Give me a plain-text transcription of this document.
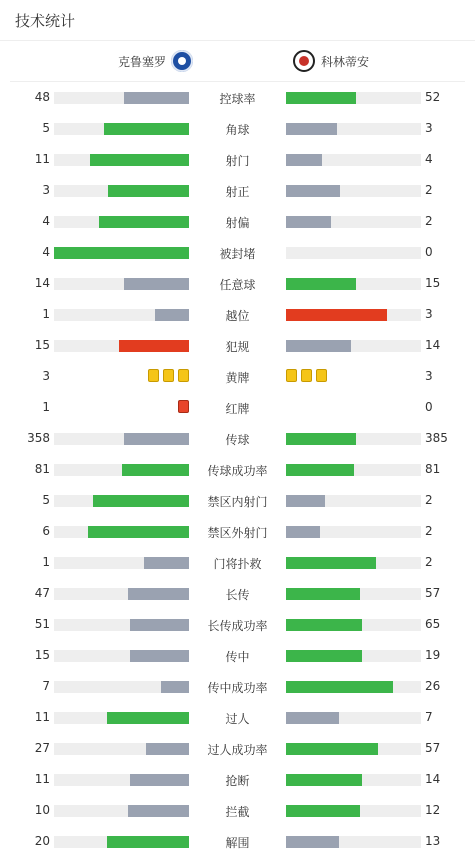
技术统计
克鲁塞罗	科林蒂安
48	控球率	52
5	角球	3
11	射门	4
3	射正	2
4	射偏	2
4	被封堵	0
14	任意球	15
1	越位	3
15	犯规	14
3	黄牌	3
1	红牌	0
358	传球	385
81	传球成功率	81
5	禁区内射门	2
6	禁区外射门	2
1	门将扑救	2
47	长传	57
51	长传成功率	65
15	传中	19
7	传中成功率	26
11	过人	7
27	过人成功率	57
11	抢断	14
10	拦截	12
20	解围	13
